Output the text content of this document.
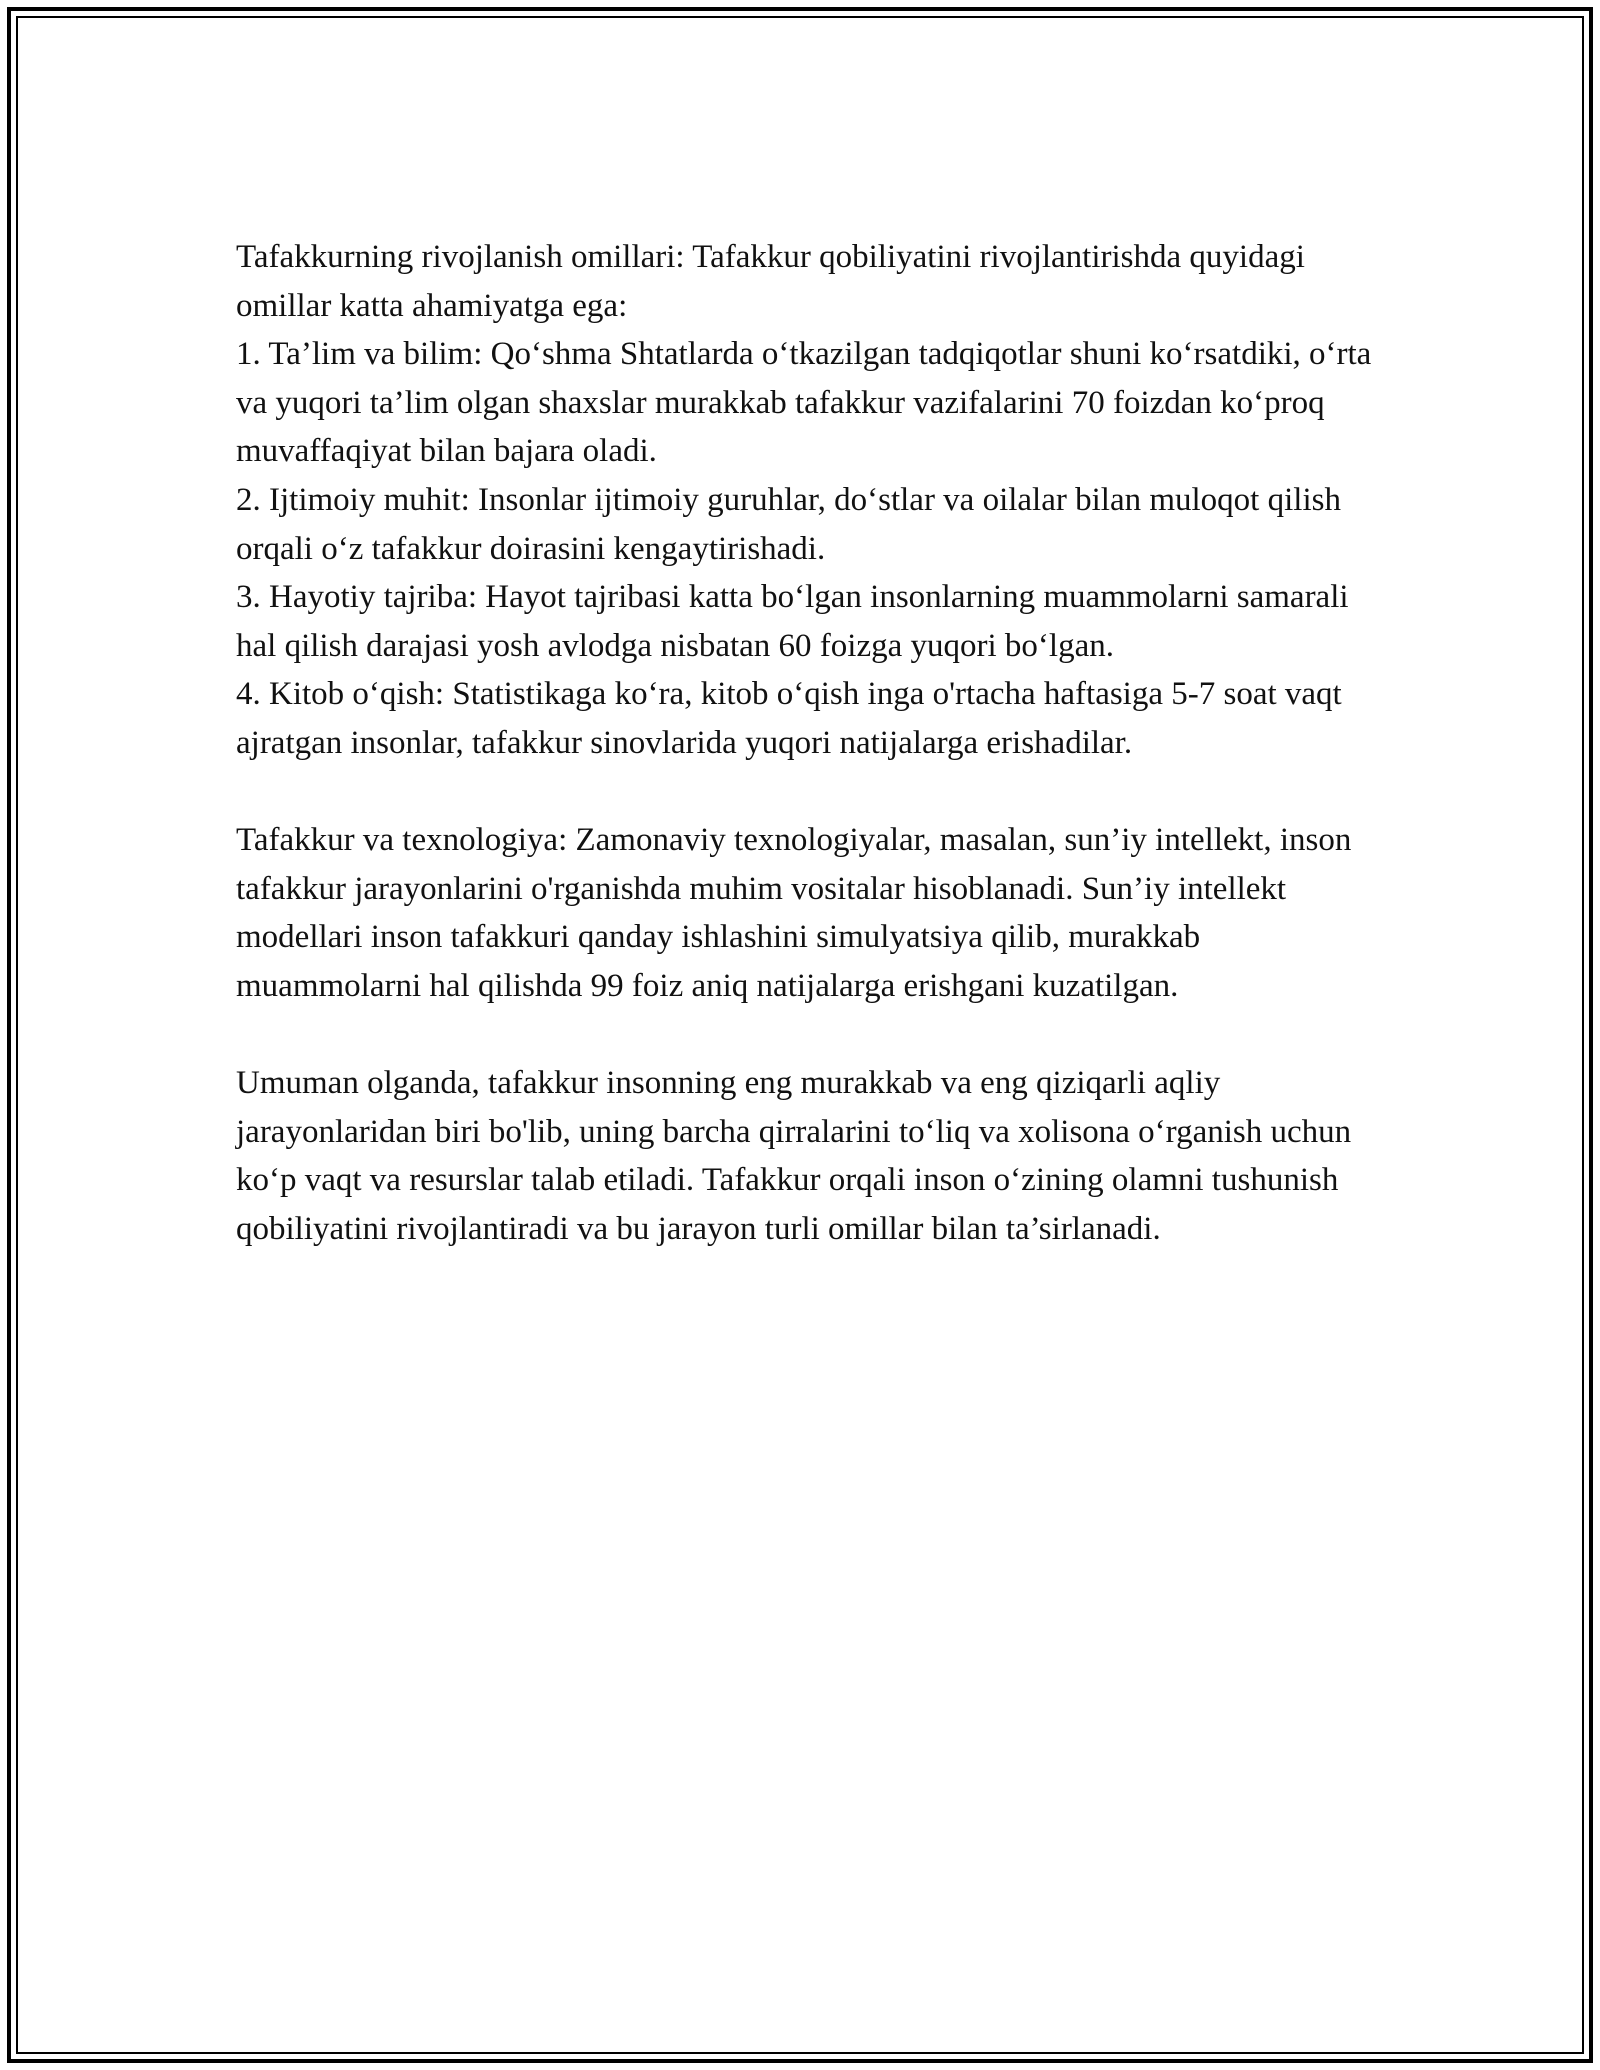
Tafakkurning rivojlanish omillari: Tafakkur qobiliyatini rivojlantirishda quyidagi omillar katta ahamiyatga ega:

1. Ta’lim va bilim: Qo‘shma Shtatlarda o‘tkazilgan tadqiqotlar shuni ko‘rsatdiki, o‘rta va yuqori ta’lim olgan shaxslar murakkab tafakkur vazifalarini 70 foizdan ko‘proq muvaffaqiyat bilan bajara oladi.

2. Ijtimoiy muhit: Insonlar ijtimoiy guruhlar, do‘stlar va oilalar bilan muloqot qilish orqali o‘z tafakkur doirasini kengaytirishadi.

3. Hayotiy tajriba: Hayot tajribasi katta bo‘lgan insonlarning muammolarni samarali hal qilish darajasi yosh avlodga nisbatan 60 foizga yuqori bo‘lgan.

4. Kitob o‘qish: Statistikaga ko‘ra, kitob o‘qish inga o'rtacha haftasiga 5-7 soat vaqt ajratgan insonlar, tafakkur sinovlarida yuqori natijalarga erishadilar.

Tafakkur va texnologiya: Zamonaviy texnologiyalar, masalan, sun’iy intellekt, inson tafakkur jarayonlarini o'rganishda muhim vositalar hisoblanadi. Sun’iy intellekt modellari inson tafakkuri qanday ishlashini simulyatsiya qilib, murakkab muammolarni hal qilishda 99 foiz aniq natijalarga erishgani kuzatilgan.

Umuman olganda, tafakkur insonning eng murakkab va eng qiziqarli aqliy jarayonlaridan biri bo'lib, uning barcha qirralarini to‘liq va xolisona o‘rganish uchun ko‘p vaqt va resurslar talab etiladi. Tafakkur orqali inson o‘zining olamni tushunish qobiliyatini rivojlantiradi va bu jarayon turli omillar bilan ta’sirlanadi.
